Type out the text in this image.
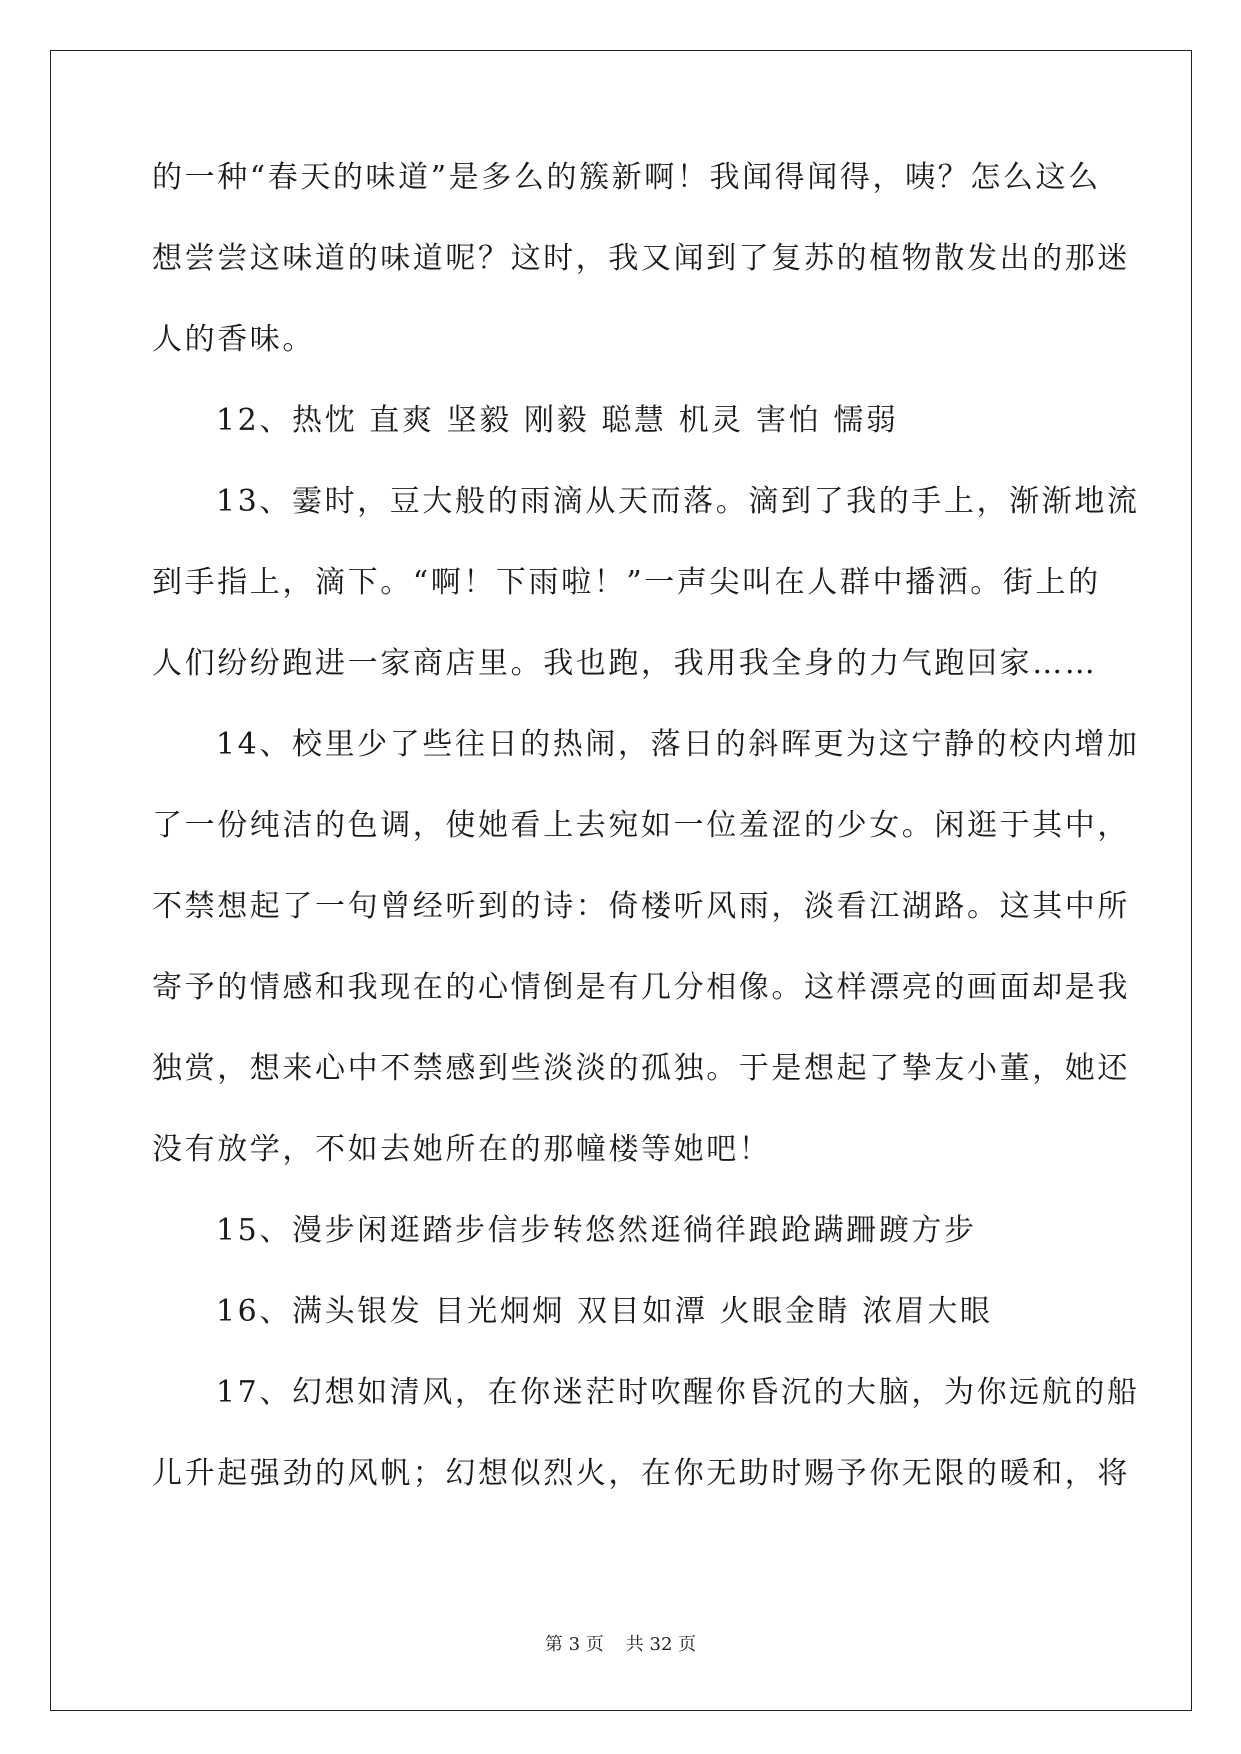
的一种“春天的味道”是多么的簇新啊！我闻得闻得，咦？怎么这么
想尝尝这味道的味道呢？这时，我又闻到了复苏的植物散发出的那迷
人的香味。
12、热忱 直爽 坚毅 刚毅 聪慧 机灵 害怕 懦弱
13、霎时，豆大般的雨滴从天而落。滴到了我的手上，渐渐地流
到手指上，滴下。“啊！下雨啦！”一声尖叫在人群中播洒。街上的
人们纷纷跑进一家商店里。我也跑，我用我全身的力气跑回家……
14、校里少了些往日的热闹，落日的斜晖更为这宁静的校内增加
了一份纯洁的色调，使她看上去宛如一位羞涩的少女。闲逛于其中，
不禁想起了一句曾经听到的诗：倚楼听风雨，淡看江湖路。这其中所
寄予的情感和我现在的心情倒是有几分相像。这样漂亮的画面却是我
独赏，想来心中不禁感到些淡淡的孤独。于是想起了挚友小董，她还
没有放学，不如去她所在的那幢楼等她吧！
15、漫步闲逛踏步信步转悠然逛徜徉踉跄蹒跚踱方步
16、满头银发 目光炯炯 双目如潭 火眼金睛 浓眉大眼
17、幻想如清风，在你迷茫时吹醒你昏沉的大脑，为你远航的船
儿升起强劲的风帆；幻想似烈火，在你无助时赐予你无限的暖和，将
第 3 页 共 32 页
